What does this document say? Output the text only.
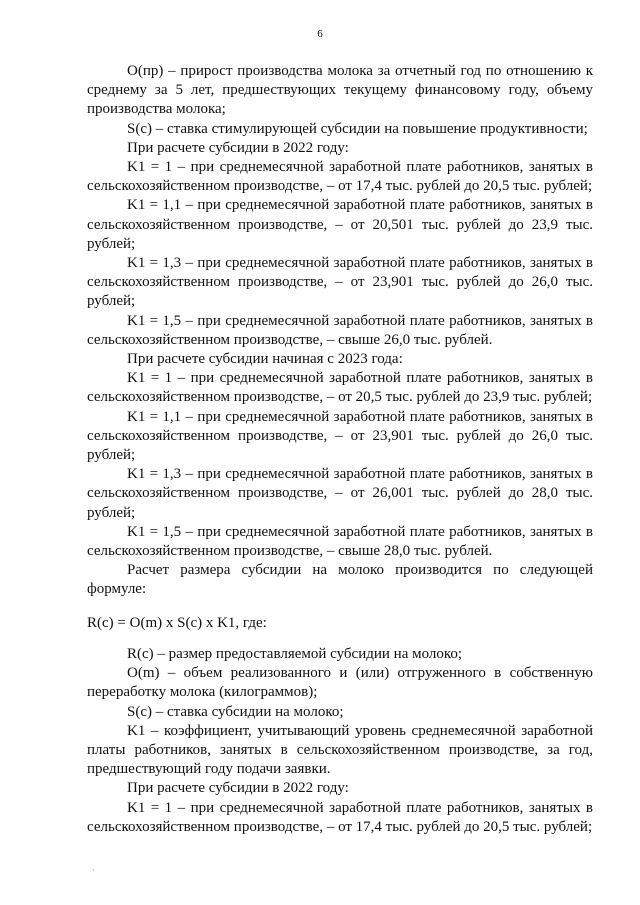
6

О(пр) – прирост производства молока за отчетный год по отношению к среднему за 5 лет, предшествующих текущему финансовому году, объему производства молока;

S(с) – ставка стимулирующей субсидии на повышение продуктивности;

При расчете субсидии в 2022 году:

K1 = 1 – при среднемесячной заработной плате работников, занятых в сельскохозяйственном производстве, – от 17,4 тыс. рублей до 20,5 тыс. рублей;

K1 = 1,1 – при среднемесячной заработной плате работников, занятых в сельскохозяйственном производстве, – от 20,501 тыс. рублей до 23,9 тыс. рублей;

K1 = 1,3 – при среднемесячной заработной плате работников, занятых в сельскохозяйственном производстве, – от 23,901 тыс. рублей до 26,0 тыс. рублей;

K1 = 1,5 – при среднемесячной заработной плате работников, занятых в сельскохозяйственном производстве, – свыше 26,0 тыс. рублей.

При расчете субсидии начиная с 2023 года:

K1 = 1 – при среднемесячной заработной плате работников, занятых в сельскохозяйственном производстве, – от 20,5 тыс. рублей до 23,9 тыс. рублей;

K1 = 1,1 – при среднемесячной заработной плате работников, занятых в сельскохозяйственном производстве, – от 23,901 тыс. рублей до 26,0 тыс. рублей;

K1 = 1,3 – при среднемесячной заработной плате работников, занятых в сельскохозяйственном производстве, – от 26,001 тыс. рублей до 28,0 тыс. рублей;

K1 = 1,5 – при среднемесячной заработной плате работников, занятых в сельскохозяйственном производстве, – свыше 28,0 тыс. рублей.

Расчет размера субсидии на молоко производится по следующей формуле:

R(с) = О(m) x S(с) x K1, где:

R(с) – размер предоставляемой субсидии на молоко;

О(m) – объем реализованного и (или) отгруженного в собственную переработку молока (килограммов);

S(с) – ставка субсидии на молоко;

K1 – коэффициент, учитывающий уровень среднемесячной заработной платы работников, занятых в сельскохозяйственном производстве, за год, предшествующий году подачи заявки.

При расчете субсидии в 2022 году:

K1 = 1 – при среднемесячной заработной плате работников, занятых в сельскохозяйственном производстве, – от 17,4 тыс. рублей до 20,5 тыс. рублей;

ˋ
